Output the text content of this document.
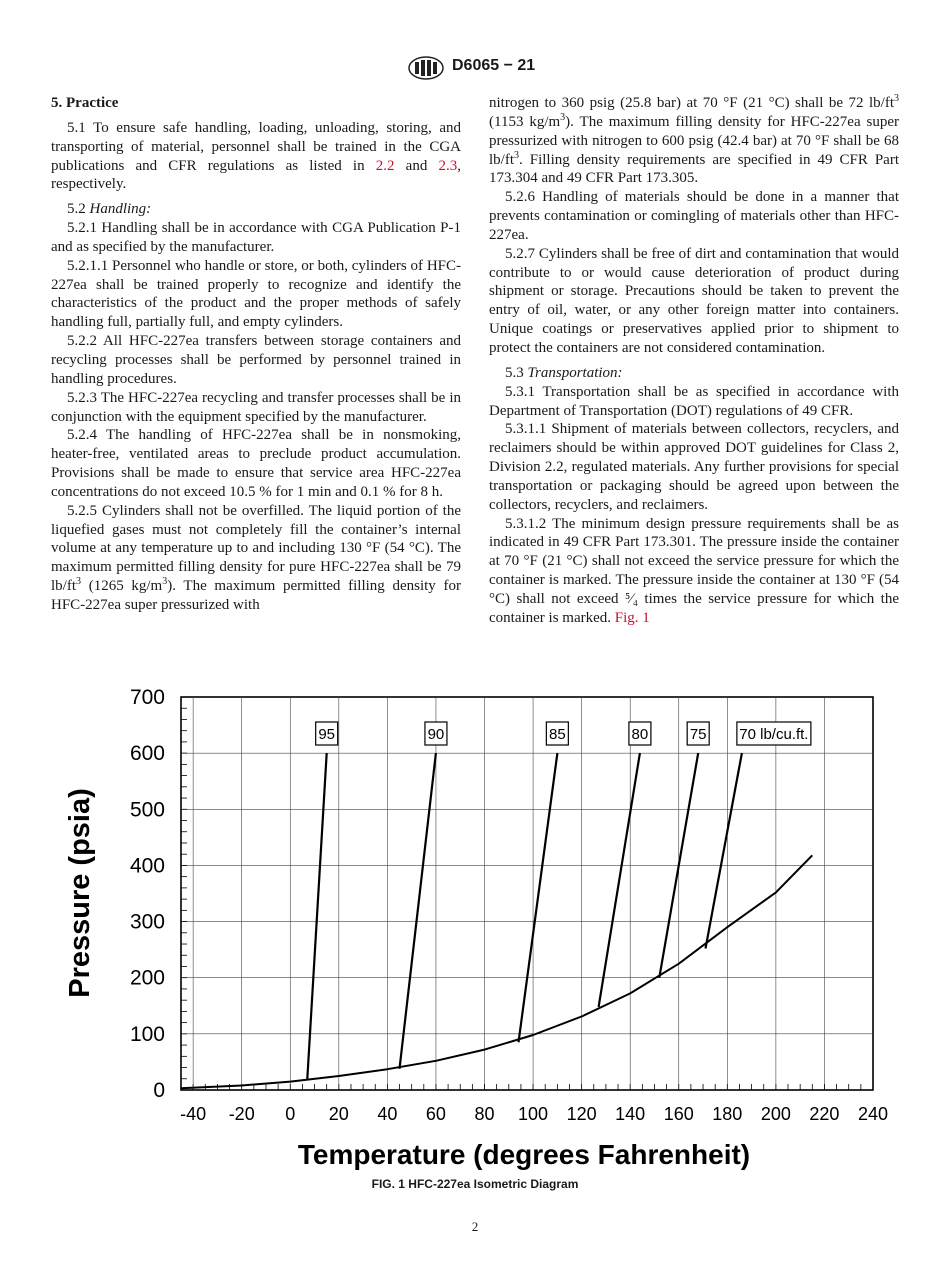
D6065 − 21

5. Practice

5.1 To ensure safe handling, loading, unloading, storing, and transporting of material, personnel shall be trained in the CGA publications and CFR regulations as listed in 2.2 and 2.3, respectively.

5.2 Handling:

5.2.1 Handling shall be in accordance with CGA Publication P-1 and as specified by the manufacturer.

5.2.1.1 Personnel who handle or store, or both, cylinders of HFC-227ea shall be trained properly to recognize and identify the characteristics of the product and the proper methods of safely handling full, partially full, and empty cylinders.

5.2.2 All HFC-227ea transfers between storage containers and recycling processes shall be performed by personnel trained in handling procedures.

5.2.3 The HFC-227ea recycling and transfer processes shall be in conjunction with the equipment specified by the manufacturer.

5.2.4 The handling of HFC-227ea shall be in nonsmoking, heater-free, ventilated areas to preclude product accumulation. Provisions shall be made to ensure that service area HFC-227ea concentrations do not exceed 10.5 % for 1 min and 0.1 % for 8 h.

5.2.5 Cylinders shall not be overfilled. The liquid portion of the liquefied gases must not completely fill the container’s internal volume at any temperature up to and including 130 °F (54 °C). The maximum permitted filling density for pure HFC-227ea shall be 79 $lb/ft^3$ (1265 $kg/m^3$). The maximum permitted filling density for HFC-227ea super pressurized with

nitrogen to 360 psig (25.8 bar) at 70 °F (21 °C) shall be 72 $lb/ft^3$ (1153 $kg/m^3$). The maximum filling density for HFC-227ea super pressurized with nitrogen to 600 psig (42.4 bar) at 70 °F shall be 68 $lb/ft^3$. Filling density requirements are specified in 49 CFR Part 173.304 and 49 CFR Part 173.305.

5.2.6 Handling of materials should be done in a manner that prevents contamination or comingling of materials other than HFC-227ea.

5.2.7 Cylinders shall be free of dirt and contamination that would contribute to or would cause deterioration of product during shipment or storage. Precautions should be taken to prevent the entry of oil, water, or any other foreign matter into containers. Unique coatings or preservatives applied prior to shipment to protect the containers are not considered contamination.

5.3 Transportation:

5.3.1 Transportation shall be as specified in accordance with Department of Transportation (DOT) regulations of 49 CFR.

5.3.1.1 Shipment of materials between collectors, recyclers, and reclaimers should be within approved DOT guidelines for Class 2, Division 2.2, regulated materials. Any further provisions for special transportation or packaging should be agreed upon between the collectors, recyclers, and reclaimers.

5.3.1.2 The minimum design pressure requirements shall be as indicated in 49 CFR Part 173.301. The pressure inside the container at 70 °F (21 °C) shall not exceed the service pressure for which the container is marked. The pressure inside the container at 130 °F (54 °C) shall not exceed ⁵⁄₄ times the service pressure for which the container is marked. Fig. 1

-40 -20 0 20 40 60 80 100 120 140 160 180 200 220 240
0
100
200
300
400
500
600
700
95	90	85	80	75 70 lb/cu.ft.
Pressure (psia)
Temperature (degrees Fahrenheit)
FIG. 1 HFC-227ea Isometric Diagram
2
